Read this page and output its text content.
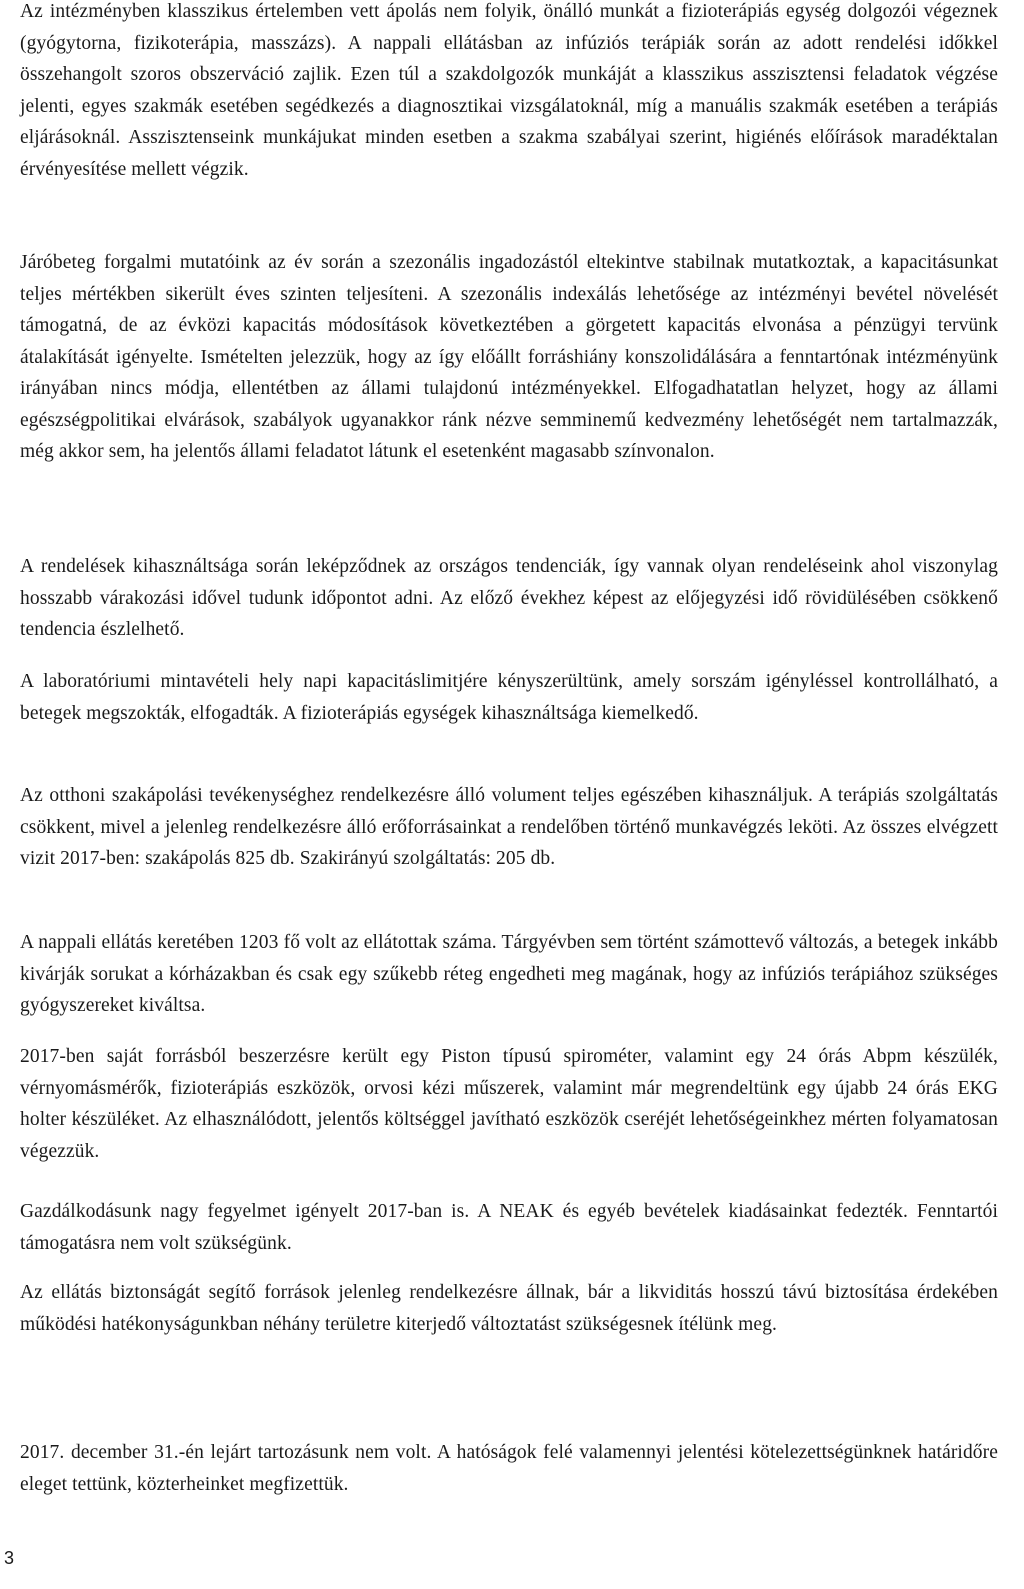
Az intézményben klasszikus értelemben vett ápolás nem folyik, önálló munkát a fizioterápiás egység dolgozói végeznek (gyógytorna, fizikoterápia, masszázs). A nappali ellátásban az infúziós terápiák során az adott rendelési időkkel összehangolt szoros obszerváció zajlik. Ezen túl a szakdolgozók munkáját a klasszikus asszisztensi feladatok végzése jelenti, egyes szakmák esetében segédkezés a diagnosztikai vizsgálatoknál, míg a manuális szakmák esetében a terápiás eljárásoknál. Asszisztenseink munkájukat minden esetben a szakma szabályai szerint, higiénés előírások maradéktalan érvényesítése mellett végzik.

Járóbeteg forgalmi mutatóink az év során a szezonális ingadozástól eltekintve stabilnak mutatkoztak, a kapacitásunkat teljes mértékben sikerült éves szinten teljesíteni. A szezonális indexálás lehetősége az intézményi bevétel növelését támogatná, de az évközi kapacitás módosítások következtében a görgetett kapacitás elvonása a pénzügyi tervünk átalakítását igényelte. Ismételten jelezzük, hogy az így előállt forráshiány konszolidálására a fenntartónak intézményünk irányában nincs módja, ellentétben az állami tulajdonú intézményekkel. Elfogadhatatlan helyzet, hogy az állami egészségpolitikai elvárások, szabályok ugyanakkor ránk nézve semminemű kedvezmény lehetőségét nem tartalmazzák, még akkor sem, ha jelentős állami feladatot látunk el esetenként magasabb színvonalon.

A rendelések kihasználtsága során leképződnek az országos tendenciák, így vannak olyan rendeléseink ahol viszonylag hosszabb várakozási idővel tudunk időpontot adni. Az előző évekhez képest az előjegyzési idő rövidülésében csökkenő tendencia észlelhető.

A laboratóriumi mintavételi hely napi kapacitáslimitjére kényszerültünk, amely sorszám igényléssel kontrollálható, a betegek megszokták, elfogadták. A fizioterápiás egységek kihasználtsága kiemelkedő.

Az otthoni szakápolási tevékenységhez rendelkezésre álló volument teljes egészében kihasználjuk. A terápiás szolgáltatás csökkent, mivel a jelenleg rendelkezésre álló erőforrásainkat a rendelőben történő munkavégzés leköti. Az összes elvégzett vizit 2017-ben: szakápolás 825 db. Szakirányú szolgáltatás: 205 db.

A nappali ellátás keretében 1203 fő volt az ellátottak száma. Tárgyévben sem történt számottevő változás, a betegek inkább kivárják sorukat a kórházakban és csak egy szűkebb réteg engedheti meg magának, hogy az infúziós terápiához szükséges gyógyszereket kiváltsa.

2017-ben saját forrásból beszerzésre került egy Piston típusú spirométer, valamint egy 24 órás Abpm készülék, vérnyomásmérők, fizioterápiás eszközök, orvosi kézi műszerek, valamint már megrendeltünk egy újabb 24 órás EKG holter készüléket. Az elhasználódott, jelentős költséggel javítható eszközök cseréjét lehetőségeinkhez mérten folyamatosan végezzük.

Gazdálkodásunk nagy fegyelmet igényelt 2017-ban is. A NEAK és egyéb bevételek kiadásainkat fedezték. Fenntartói támogatásra nem volt szükségünk.

Az ellátás biztonságát segítő források jelenleg rendelkezésre állnak, bár a likviditás hosszú távú biztosítása érdekében működési hatékonyságunkban néhány területre kiterjedő változtatást szükségesnek ítélünk meg.

2017. december 31.-én lejárt tartozásunk nem volt. A hatóságok felé valamennyi jelentési kötelezettségünknek határidőre eleget tettünk, közterheinket megfizettük.

3
